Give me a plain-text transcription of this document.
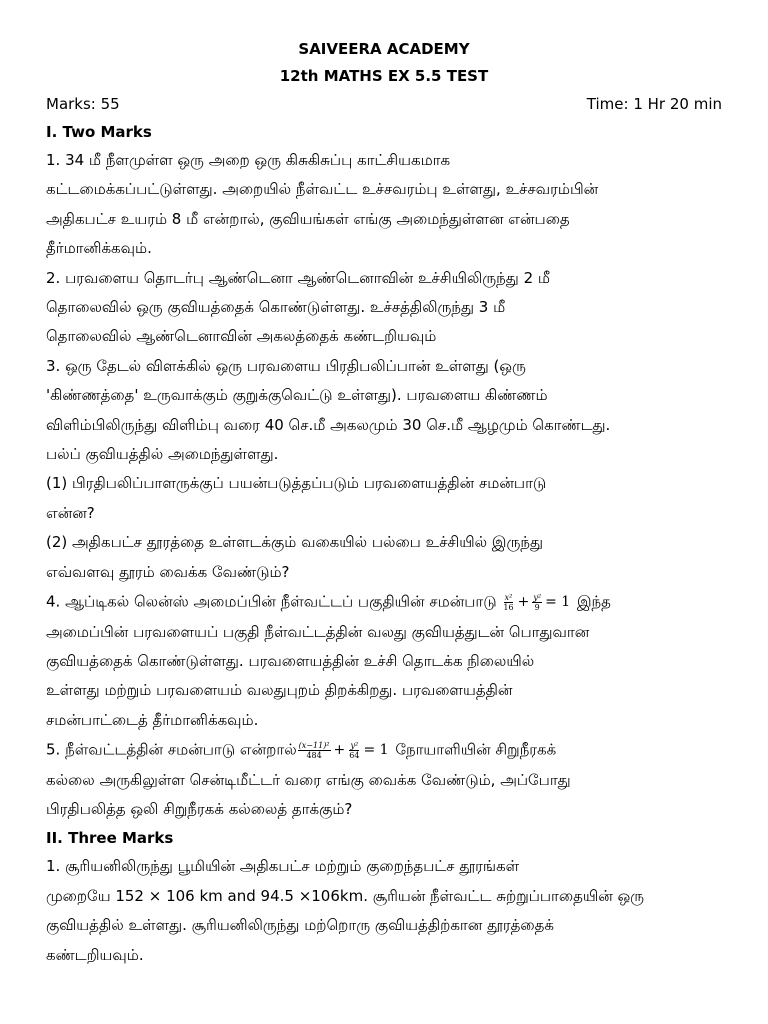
SAIVEERA ACADEMY
12th MATHS EX 5.5 TEST
Marks: 55	Time: 1 Hr 20 min
I. Two Marks
1. 34 மீ நீளமுள்ள ஒரு அறை ஒரு கிசுகிசுப்பு காட்சியகமாக
கட்டமைக்கப்பட்டுள்ளது. அறையில் நீள்வட்ட உச்சவரம்பு உள்ளது, உச்சவரம்பின்
அதிகபட்ச உயரம் 8 மீ என்றால், குவியங்கள் எங்கு அமைந்துள்ளன என்பதை
தீர்மானிக்கவும்.
2. பரவளைய தொடர்பு ஆண்டெனா ஆண்டெனாவின் உச்சியிலிருந்து 2 மீ
தொலைவில் ஒரு குவியத்தைக் கொண்டுள்ளது. உச்சத்திலிருந்து 3 மீ
தொலைவில் ஆண்டெனாவின் அகலத்தைக் கண்டறியவும்
3. ஒரு தேடல் விளக்கில் ஒரு பரவளைய பிரதிபலிப்பான் உள்ளது (ஒரு
'கிண்ணத்தை' உருவாக்கும் குறுக்குவெட்டு உள்ளது). பரவளைய கிண்ணம்
விளிம்பிலிருந்து விளிம்பு வரை 40 செ.மீ அகலமும் 30 செ.மீ ஆழமும் கொண்டது.
பல்ப் குவியத்தில் அமைந்துள்ளது.
(1) பிரதிபலிப்பாளருக்குப் பயன்படுத்தப்படும் பரவளையத்தின் சமன்பாடு
என்ன?
(2) அதிகபட்ச தூரத்தை உள்ளடக்கும் வகையில் பல்பை உச்சியில் இருந்து
எவ்வளவு தூரம் வைக்க வேண்டும்?
4. ஆப்டிகல் லென்ஸ் அமைப்பின் நீள்வட்டப் பகுதியின் சமன்பாடு $\frac{\text{x²}}{16} + \frac{\text{y²}}{9} = 1$ இந்த
அமைப்பின் பரவளையப் பகுதி நீள்வட்டத்தின் வலது குவியத்துடன் பொதுவான
குவியத்தைக் கொண்டுள்ளது. பரவளையத்தின் உச்சி தொடக்க நிலையில்
உள்ளது மற்றும் பரவளையம் வலதுபுறம் திறக்கிறது. பரவளையத்தின்
சமன்பாட்டைத் தீர்மானிக்கவும்.
5. நீள்வட்டத்தின் சமன்பாடு என்றால் $\frac{\text{(x−11)²}}{484} + \frac{\text{y²}}{64} = 1$ நோயாளியின் சிறுநீரகக்
கல்லை அருகிலுள்ள சென்டிமீட்டர் வரை எங்கு வைக்க வேண்டும், அப்போது
பிரதிபலித்த ஒலி சிறுநீரகக் கல்லைத் தாக்கும்?
II. Three Marks
1. சூரியனிலிருந்து பூமியின் அதிகபட்ச மற்றும் குறைந்தபட்ச தூரங்கள்
முறையே 152 × 106 km and 94.5 ×106km. சூரியன் நீள்வட்ட சுற்றுப்பாதையின் ஒரு
குவியத்தில் உள்ளது. சூரியனிலிருந்து மற்றொரு குவியத்திற்கான தூரத்தைக்
கண்டறியவும்.
